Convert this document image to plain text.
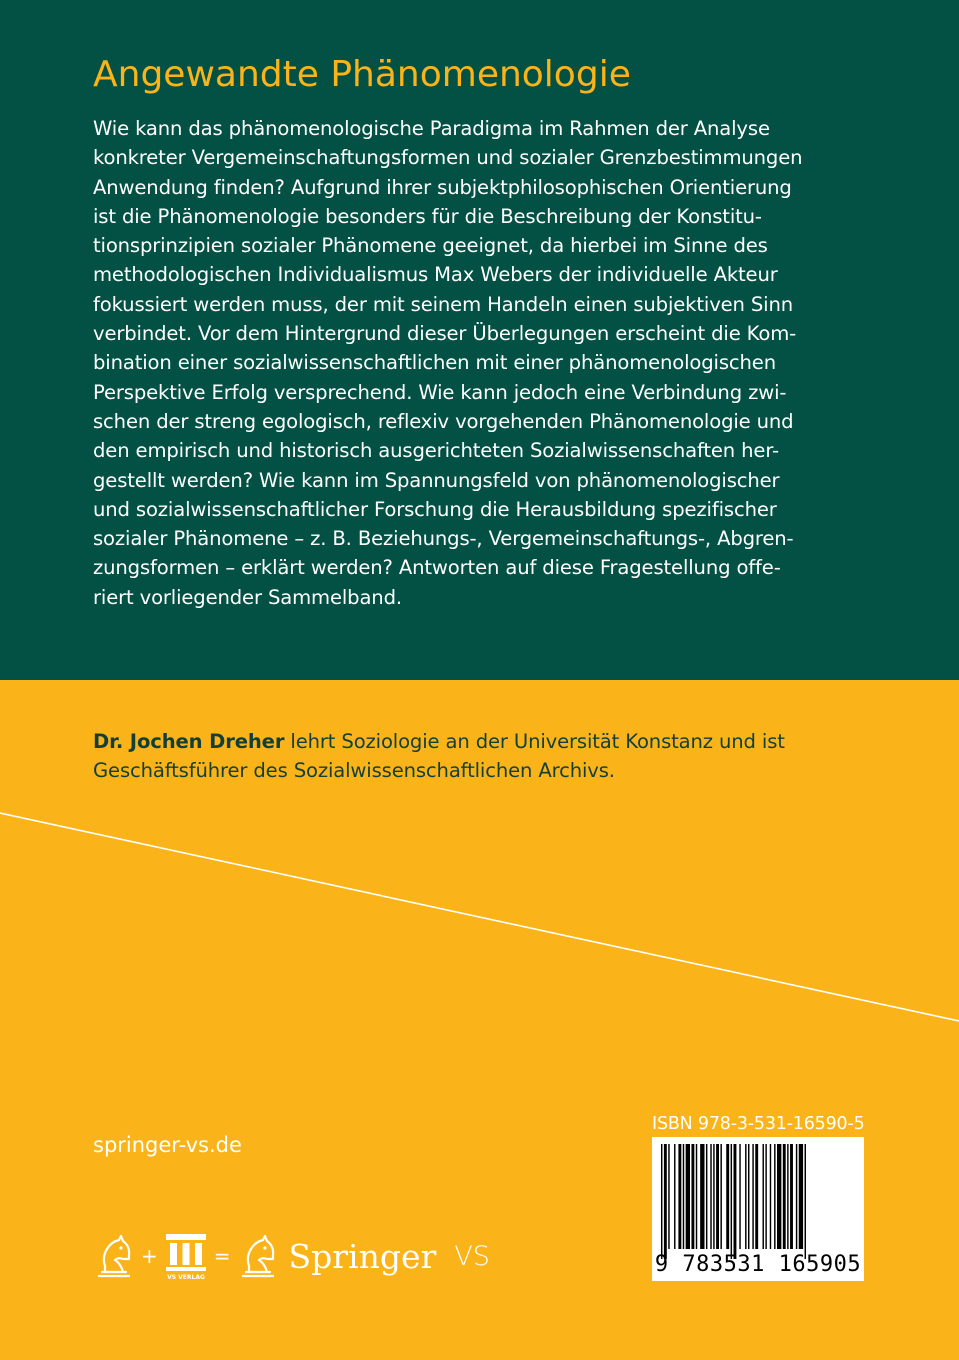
Angewandte Phänomenologie
Wie kann das phänomenologische Paradigma im Rahmen der Analyse
konkreter Vergemeinschaftungsformen und sozialer Grenzbestimmungen
Anwendung finden? Aufgrund ihrer subjektphilosophischen Orientierung
ist die Phänomenologie besonders für die Beschreibung der Konstitu-
tionsprinzipien sozialer Phänomene geeignet, da hierbei im Sinne des
methodologischen Individualismus Max Webers der individuelle Akteur
fokussiert werden muss, der mit seinem Handeln einen subjektiven Sinn
verbindet. Vor dem Hintergrund dieser Überlegungen erscheint die Kom-
bination einer sozialwissenschaftlichen mit einer phänomenologischen
Perspektive Erfolg versprechend. Wie kann jedoch eine Verbindung zwi-
schen der streng egologisch, reflexiv vorgehenden Phänomenologie und
den empirisch und historisch ausgerichteten Sozialwissenschaften her-
gestellt werden? Wie kann im Spannungsfeld von phänomenologischer
und sozialwissenschaftlicher Forschung die Herausbildung spezifischer
sozialer Phänomene – z. B. Beziehungs-, Vergemeinschaftungs-, Abgren-
zungsformen – erklärt werden? Antworten auf diese Fragestellung offe-
riert vorliegender Sammelband.
Dr. Jochen Dreher lehrt Soziologie an der Universität Konstanz und ist
Geschäftsführer des Sozialwissenschaftlichen Archivs.
springer-vs.de
+
VS VERLAG
= Springer VS
ISBN 978-3-531-16590-5
9 783531 165905
